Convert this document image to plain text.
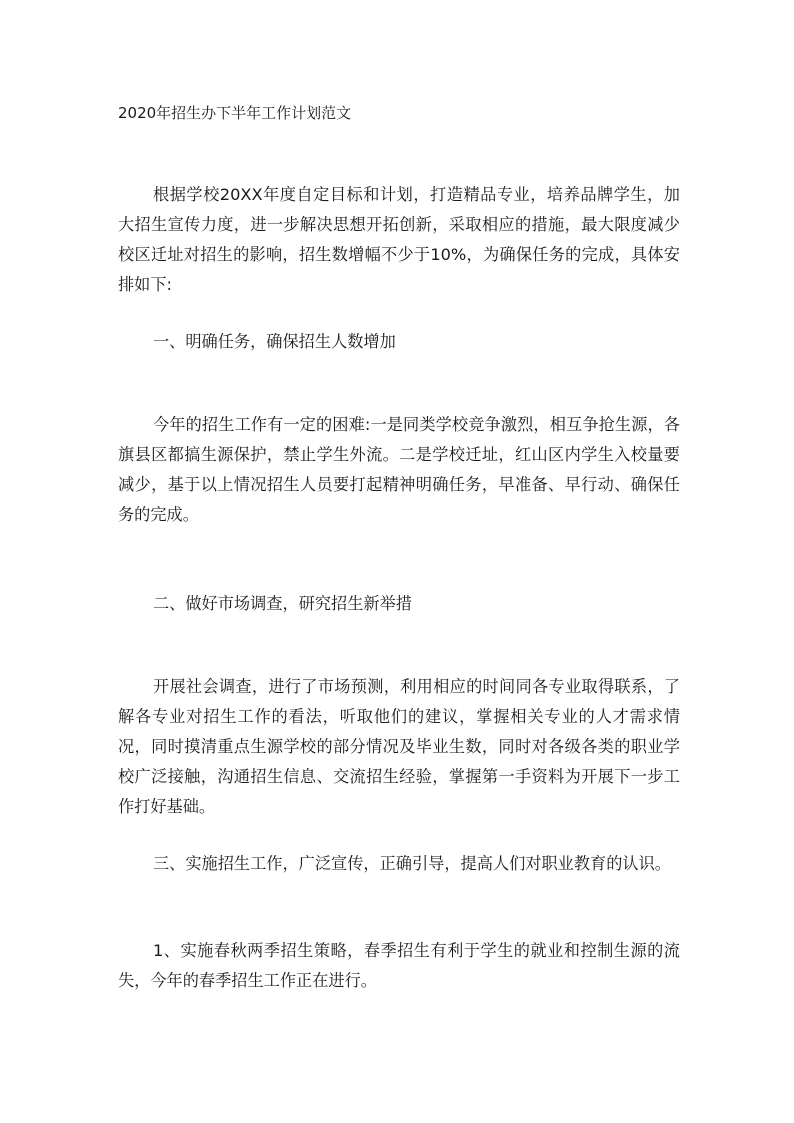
2020年招生办下半年工作计划范文

根据学校20XX年度自定目标和计划，打造精品专业，培养品牌学生，加大招生宣传力度，进一步解决思想开拓创新，采取相应的措施，最大限度减少校区迁址对招生的影响，招生数增幅不少于10%，为确保任务的完成，具体安排如下:

一、明确任务，确保招生人数增加

今年的招生工作有一定的困难:一是同类学校竞争激烈，相互争抢生源，各旗县区都搞生源保护，禁止学生外流。二是学校迁址，红山区内学生入校量要减少，基于以上情况招生人员要打起精神明确任务，早准备、早行动、确保任务的完成。

二、做好市场调查，研究招生新举措

开展社会调查，进行了市场预测，利用相应的时间同各专业取得联系，了解各专业对招生工作的看法，听取他们的建议，掌握相关专业的人才需求情况，同时摸清重点生源学校的部分情况及毕业生数，同时对各级各类的职业学校广泛接触，沟通招生信息、交流招生经验，掌握第一手资料为开展下一步工作打好基础。

三、实施招生工作，广泛宣传，正确引导，提高人们对职业教育的认识。

1、实施春秋两季招生策略，春季招生有利于学生的就业和控制生源的流失，今年的春季招生工作正在进行。
